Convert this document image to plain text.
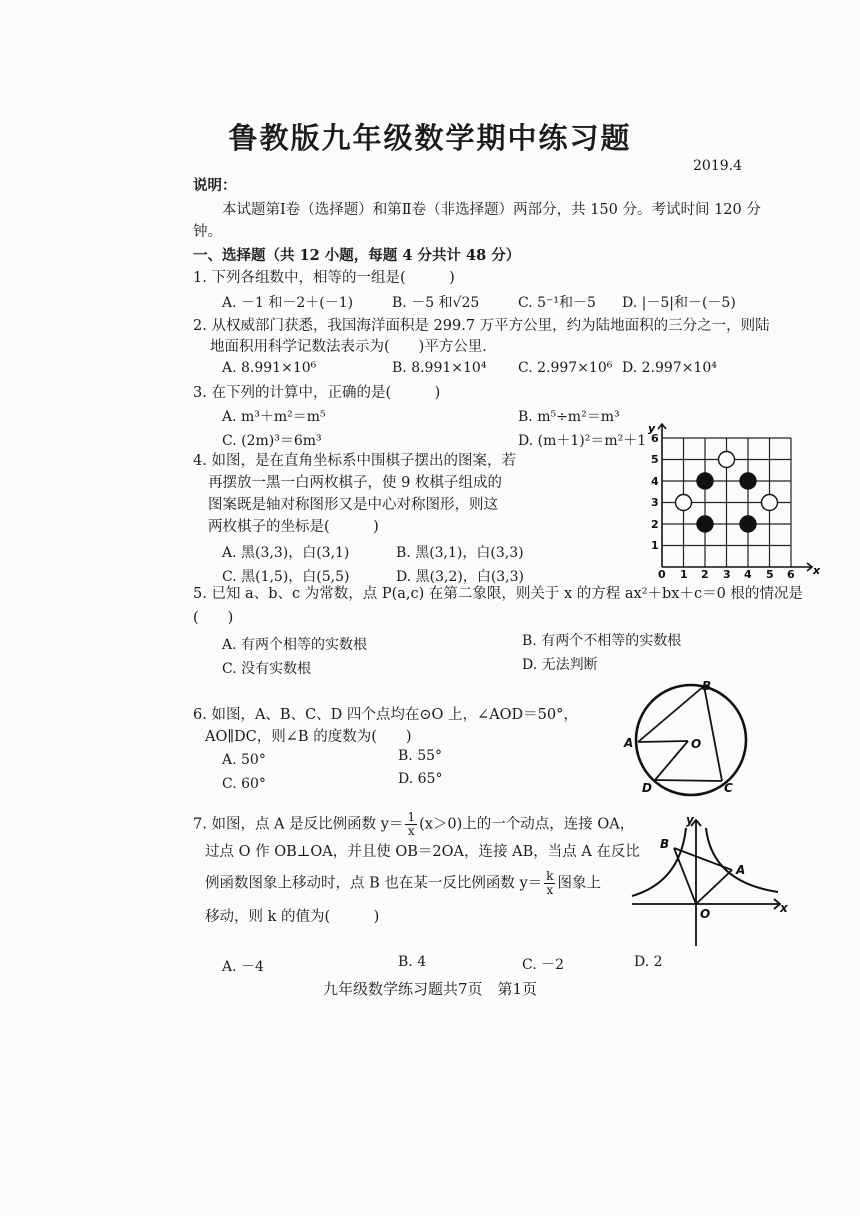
鲁教版九年级数学期中练习题
2019.4
说明：
本试题第Ⅰ卷（选择题）和第Ⅱ卷（非选择题）两部分，共 150 分。考试时间 120 分
钟。
一、选择题（共 12 小题，每题 4 分共计 48 分）
1. 下列各组数中，相等的一组是(　　　)
A. －1 和－2＋(－1)	B. －5 和√25	C. 5⁻¹和－5 D. |－5|和－(－5)
2. 从权威部门获悉，我国海洋面积是 299.7 万平方公里，约为陆地面积的三分之一，则陆
地面积用科学记数法表示为(　　)平方公里．
A. 8.991×10⁶	B. 8.991×10⁴ C. 2.997×10⁶ D. 2.997×10⁴
3. 在下列的计算中，正确的是(　　　)
A. m³＋m²＝m⁵	B. m⁵÷m²＝m³
C. (2m)³＝6m³	D. (m＋1)²＝m²＋1
4. 如图，是在直角坐标系中围棋子摆出的图案，若
再摆放一黑一白两枚棋子，使 9 枚棋子组成的
图案既是轴对称图形又是中心对称图形，则这
两枚棋子的坐标是(　　　)
A. 黑(3,3)，白(3,1)	B. 黑(3,1)，白(3,3)
C. 黑(1,5)，白(5,5)	D. 黑(3,2)，白(3,3)
y
x
0 1 2 3 4 5 6
1
2
3
4
5
6
5. 已知 a、b、c 为常数，点 P(a,c) 在第二象限，则关于 x 的方程 ax²＋bx＋c＝0 根的情况是
(　　)
A. 有两个相等的实数根	B. 有两个不相等的实数根
C. 没有实数根	D. 无法判断
6. 如图，A、B、C、D 四个点均在⊙O 上，∠AOD＝50°，
AO∥DC，则∠B 的度数为(　　)
A. 50°	B. 55°
C. 60°	D. 65°
A
B
C
D
O
7. 如图，点 A 是反比例函数 $y= \frac{1}{x} (x>0)$上的一个动点，连接 OA，
过点 O 作 OB⊥OA，并且使 OB＝2OA，连接 AB，当点 A 在反比
例函数图象上移动时，点 B 也在某一反比例函数 $y= \frac{k}{x}$ 图象上
移动，则 k 的值为(　　　)
A. －4	B. 4	C. －2	D. 2
x
y
A
B
O
九年级数学练习题共7页　第1页
